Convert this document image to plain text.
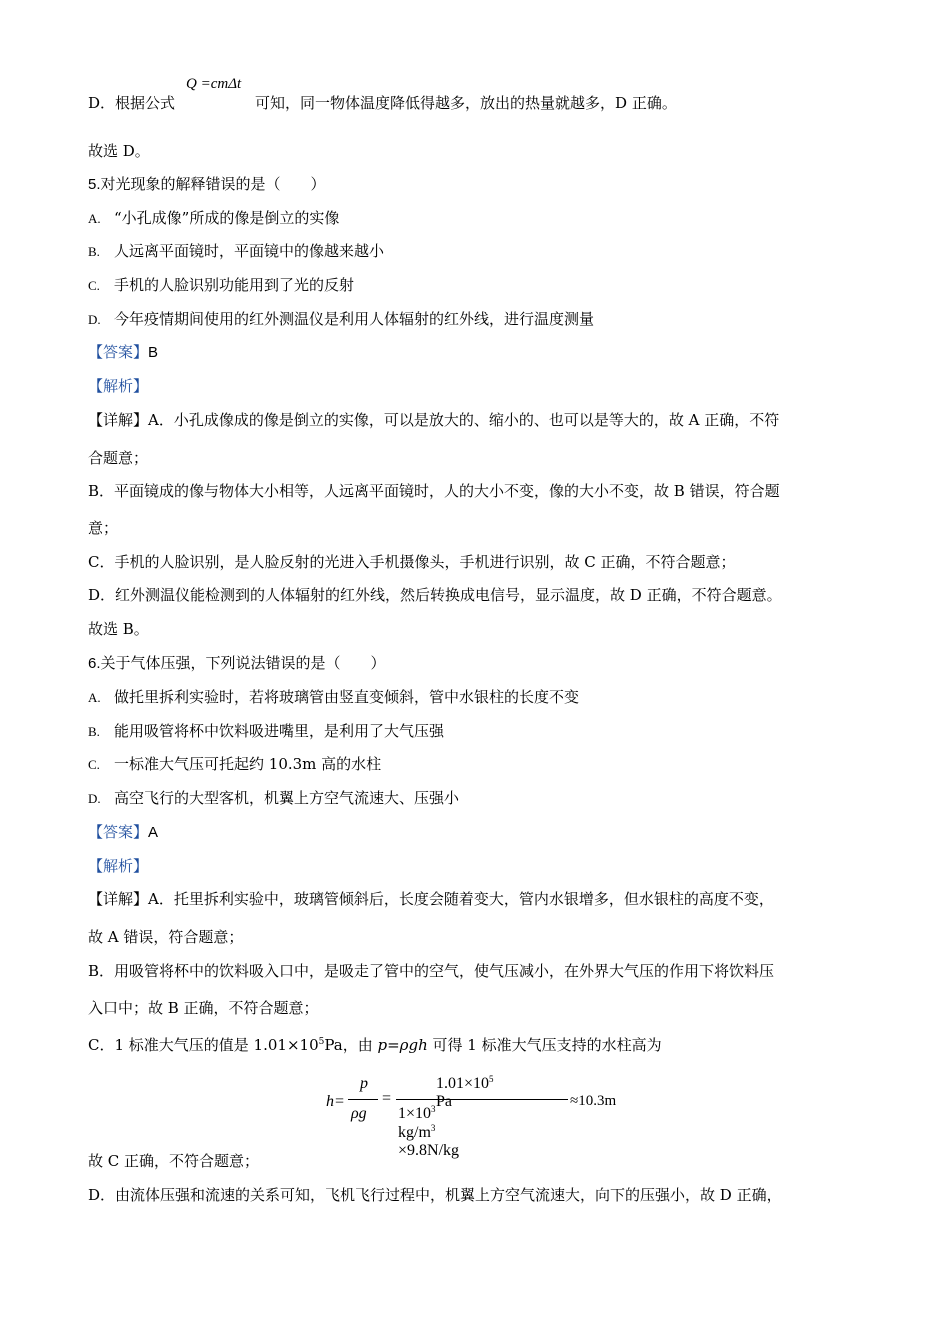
D．根据公式	可知，同一物体温度降低得越多，放出的热量就越多，D 正确。
Q =cmΔt
故选 D。
5.对光现象的解释错误的是（　　）
A. “小孔成像”所成的像是倒立的实像
B. 人远离平面镜时，平面镜中的像越来越小
C. 手机的人脸识别功能用到了光的反射
D. 今年疫情期间使用的红外测温仪是利用人体辐射的红外线，进行温度测量
【答案】B
【解析】
【详解】A．小孔成像成的像是倒立的实像，可以是放大的、缩小的、也可以是等大的，故 A 正确，不符
合题意；
B．平面镜成的像与物体大小相等，人远离平面镜时，人的大小不变，像的大小不变，故 B 错误，符合题
意；
C．手机的人脸识别，是人脸反射的光进入手机摄像头，手机进行识别，故 C 正确，不符合题意；
D．红外测温仪能检测到的人体辐射的红外线，然后转换成电信号，显示温度，故 D 正确，不符合题意。
故选 B。
6.关于气体压强，下列说法错误的是（　　）
A. 做托里拆利实验时，若将玻璃管由竖直变倾斜，管中水银柱的长度不变
B. 能用吸管将杯中饮料吸进嘴里，是利用了大气压强
C. 一标准大气压可托起约 10.3m 高的水柱
D. 高空飞行的大型客机，机翼上方空气流速大、压强小
【答案】A
【解析】
【详解】A．托里拆利实验中，玻璃管倾斜后，长度会随着变大，管内水银增多，但水银柱的高度不变，
故 A 错误，符合题意；
B．用吸管将杯中的饮料吸入口中，是吸走了管中的空气，使气压减小，在外界大气压的作用下将饮料压
入口中；故 B 正确，不符合题意；
C．1 标准大气压的值是 $1.01\times 10^5Pa$，由 p=ρgh 可得 1 标准大气压支持的水柱高为
h=
p
ρg
=
$1.01\times 10^5$ Pa
$1\times 10^3$ $kg/m^3 \times 9.8N/kg$
≈10.3m
故 C 正确，不符合题意；
D．由流体压强和流速的关系可知，飞机飞行过程中，机翼上方空气流速大，向下的压强小，故 D 正确，
